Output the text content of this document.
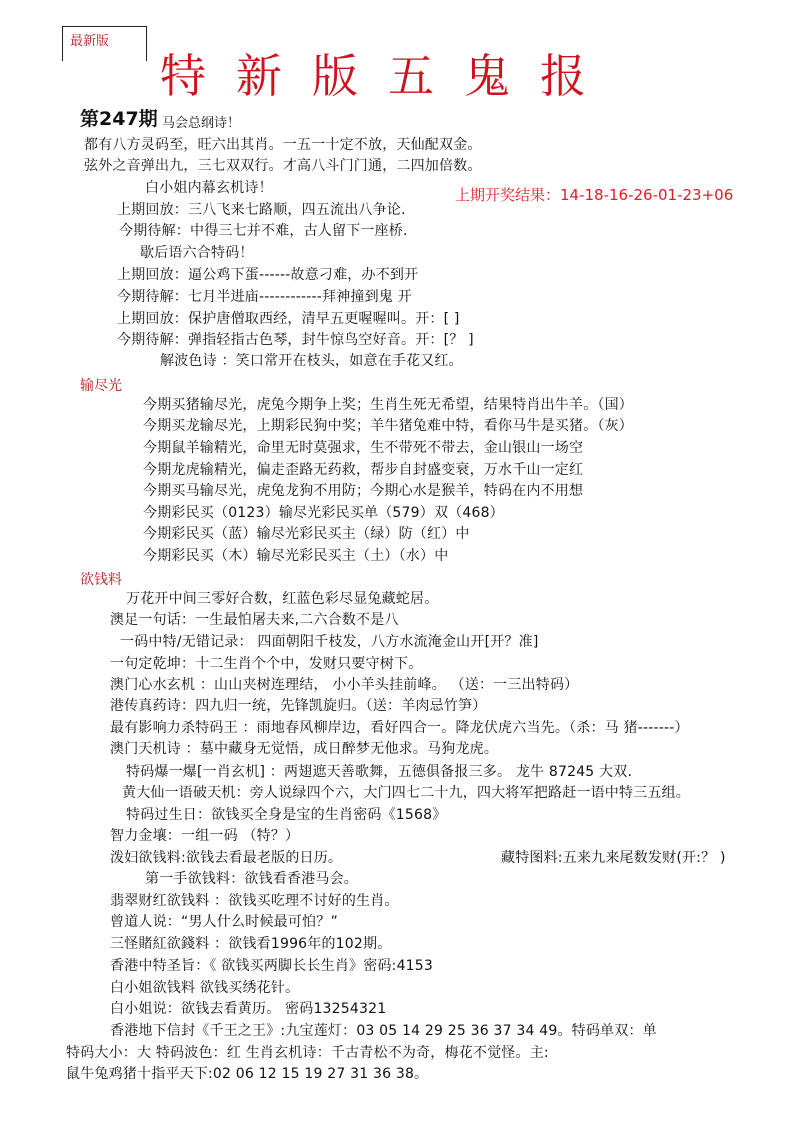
最新版
特新版五鬼报
第247期 马会总纲诗！
都有八方灵码至，旺六出其肖。一五一十定不放，天仙配双金。
弦外之音弹出九，三七双双行。才高八斗门门通，二四加倍数。
上期开奖结果：14-18-16-26-01-23+06
白小姐内幕玄机诗！
上期回放：三八飞来七路顺，四五流出八争论.
今期待解：中得三七并不难，古人留下一座桥.
歇后语六合特码！
上期回放：逼公鸡下蛋------故意刁难，办不到开
今期待解：七月半进庙------------拜神撞到鬼 开
上期回放：保护唐僧取西经，清早五更喔喔叫。开：[ ]
今期待解：弹指轻指古色琴，封牛惊鸟空好音。开：[？ ]
解波色诗 ：笑口常开在枝头，如意在手花又红。
输尽光
今期买猪输尽光，虎兔今期争上奖；生肖生死无希望，结果特肖出牛羊。（国）
今期买龙输尽光，上期彩民狗中奖；羊牛猪兔难中特，看你马牛是买猪。（灰）
今期鼠羊输精光，命里无时莫强求，生不带死不带去，金山银山一场空
今期龙虎输精光，偏走歪路无药救，帮步自封盛变衰，万水千山一定红
今期买马输尽光，虎兔龙狗不用防；今期心水是猴羊，特码在内不用想
今期彩民买（0123）输尽光彩民买单（579）双（468）
今期彩民买（蓝）输尽光彩民买主（绿）防（红）中
今期彩民买（木）输尽光彩民买主（土）（水）中
欲钱料
万花开中间三零好合数，红蓝色彩尽显兔藏蛇居。
澳足一句话：一生最怕屠夫来,二六合数不是八
一码中特/无错记录： 四面朝阳千枝发，八方水流淹金山开[开？准]
一句定乾坤：十二生肖个个中，发财只要守树下。
澳门心水玄机 ：山山夹树连理结， 小小羊头挂前峰。 （送：一三出特码）
港传真药诗：四九归一统，先锋凯旋归。（送：羊肉忌竹笋）
最有影响力杀特码王 ：雨地春风柳岸边，看好四合一。降龙伏虎六当先。（杀：马 猪-------）
澳门天机诗 ：墓中藏身无觉悟，成日醉梦无他求。马狗龙虎。
特码爆一爆[一肖玄机] ：两翅遮天善歌舞，五德俱备报三多。 龙牛 87245 大双.
黄大仙一语破天机：旁人说绿四个六，大门四七二十九，四大将军把路赶一语中特三五组。
特码过生日：欲钱买全身是宝的生肖密码《1568》
智力金壤：一组一码 （特？）
泼妇欲钱料:欲钱去看最老版的日历。	藏特图料:五来九来尾数发财(开:？ )
第一手欲钱料：欲钱看香港马会。
翡翠财红欲钱料 ：欲钱买吃理不讨好的生肖。
曾道人说：“男人什么时候最可怕？”
三怪賭紅欲錢料 ：欲钱看1996年的102期。
香港中特圣旨：《 欲钱买两脚长长生肖》密码:4153
白小姐欲钱料 欲钱买绣花针。
白小姐说：欲钱去看黄历。 密码13254321
香港地下信封《千王之王》:九宝莲灯：03 05 14 29 25 36 37 34 49。特码单双：单
特码大小：大 特码波色：红 生肖玄机诗：千古青松不为奇，梅花不觉怪。主:
鼠牛兔鸡猪十指平天下:02 06 12 15 19 27 31 36 38。
